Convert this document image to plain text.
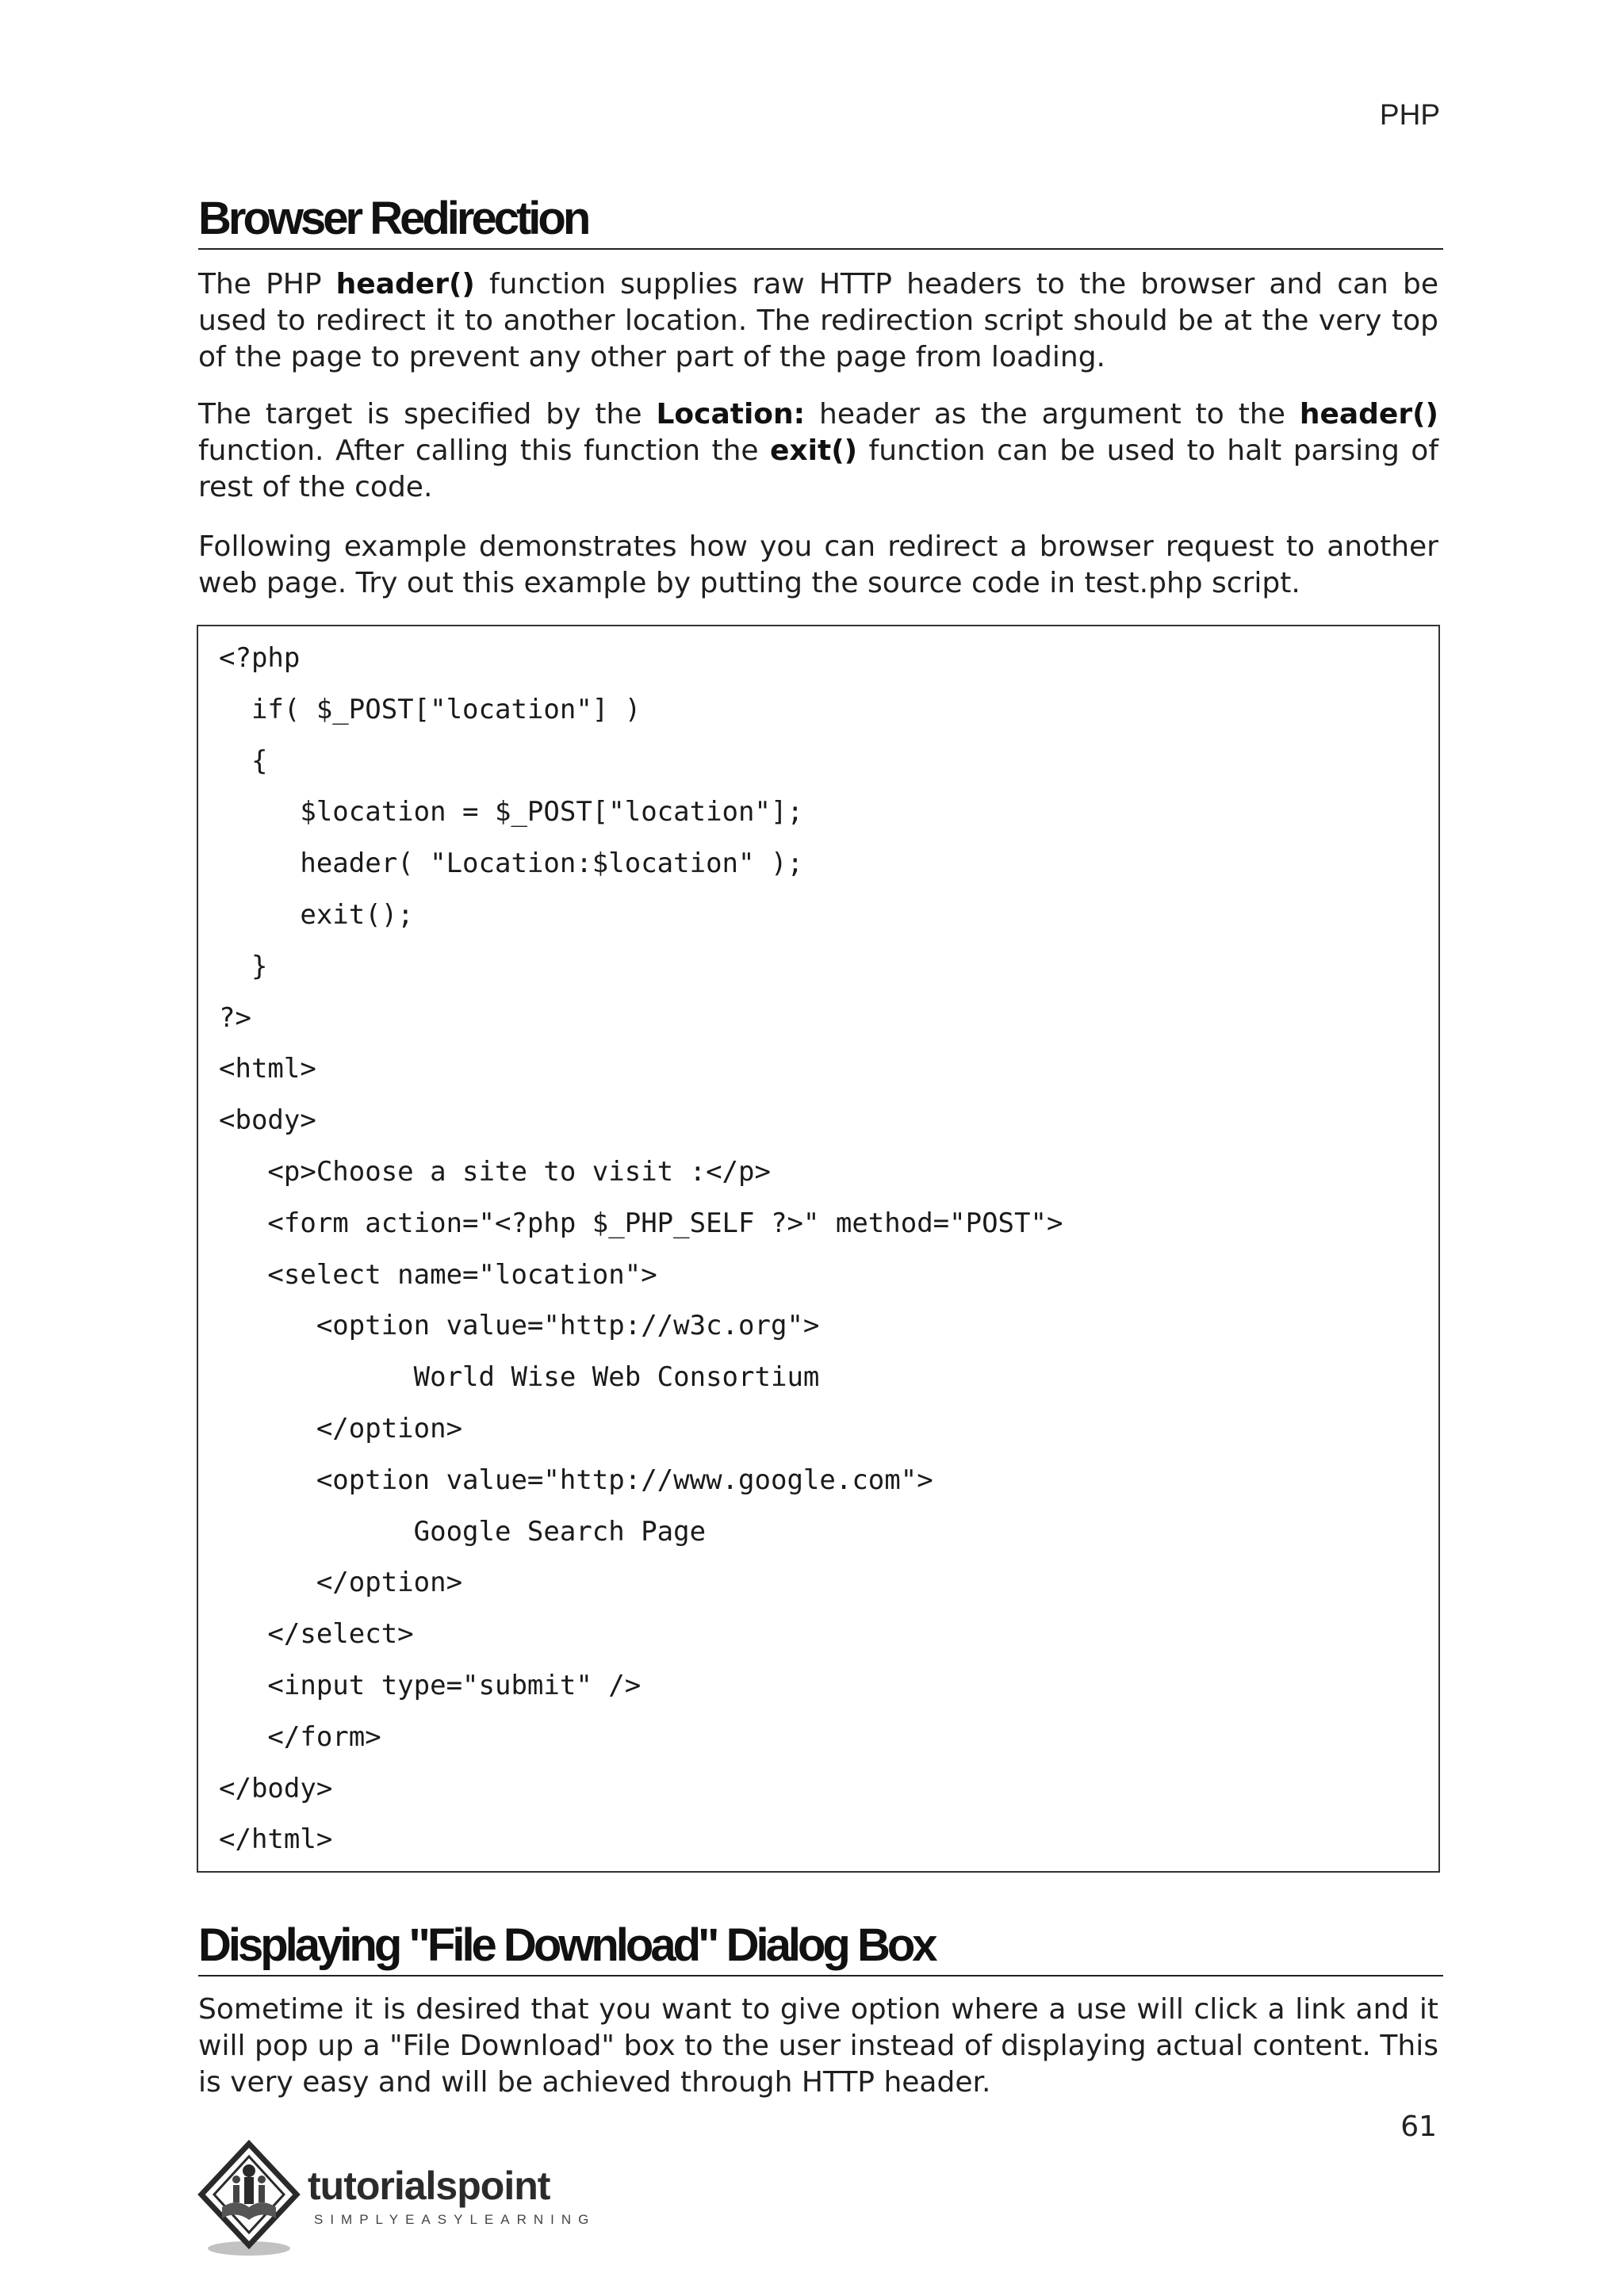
PHP
Browser Redirection

The PHP header() function supplies raw HTTP headers to the browser and can be used to redirect it to another location. The redirection script should be at the very top of the page to prevent any other part of the page from loading.

The target is specified by the Location: header as the argument to the header() function. After calling this function the exit() function can be used to halt parsing of rest of the code.

Following example demonstrates how you can redirect a browser request to another web page. Try out this example by putting the source code in test.php script.

<?php
if( $_POST["location"] )
{
$location = $_POST["location"];
header( "Location:$location" );
exit();
}
?>
<html>
<body>
<p>Choose a site to visit :</p>
<form action="<?php $_PHP_SELF ?>" method="POST">
<select name="location">
<option value="http://w3c.org">
World Wise Web Consortium
</option>
<option value="http://www.google.com">
Google Search Page
</option>
</select>
<input type="submit" />
</form>
</body>
</html>
Displaying "File Download" Dialog Box

Sometime it is desired that you want to give option where a use will click a link and it will pop up a "File Download" box to the user instead of displaying actual content. This is very easy and will be achieved through HTTP header.

61
tutorialspoint
SIMPLYEASYLEARNING
